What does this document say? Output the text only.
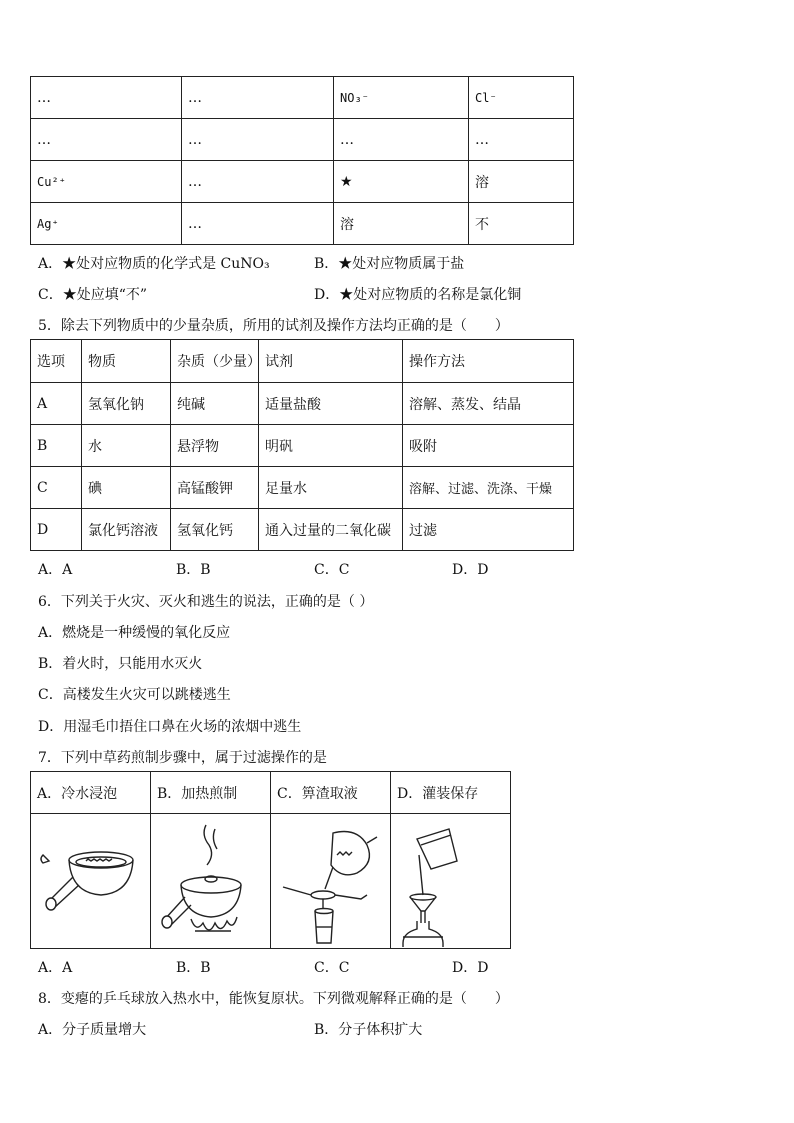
…	…	NO₃⁻	Cl⁻
…	…	…	…
Cu²⁺	…	★	溶
Ag⁺	…	溶	不
A．★处对应物质的化学式是 CuNO₃	B．★处对应物质属于盐
C．★处应填“不”	D．★处对应物质的名称是氯化铜
5．除去下列物质中的少量杂质，所用的试剂及操作方法均正确的是（　　）
选项	物质	杂质（少量）	试剂	操作方法
A	氢氧化钠	纯碱	适量盐酸	溶解、蒸发、结晶
B	水	悬浮物	明矾	吸附
C	碘	高锰酸钾	足量水	溶解、过滤、洗涤、干燥
D	氯化钙溶液	氢氧化钙	通入过量的二氧化碳	过滤
A．A	B．B	C．C	D．D
6．下列关于火灾、灭火和逃生的说法，正确的是（ ）
A．燃烧是一种缓慢的氧化反应
B．着火时，只能用水灭火
C．高楼发生火灾可以跳楼逃生
D．用湿毛巾捂住口鼻在火场的浓烟中逃生
7．下列中草药煎制步骤中，属于过滤操作的是
A．冷水浸泡	B．加热煎制	C．箅渣取液	D．灌装保存

A．A	B．B	C．C	D．D
8．变瘪的乒乓球放入热水中，能恢复原状。下列微观解释正确的是（　　）
A．分子质量增大	B．分子体积扩大
